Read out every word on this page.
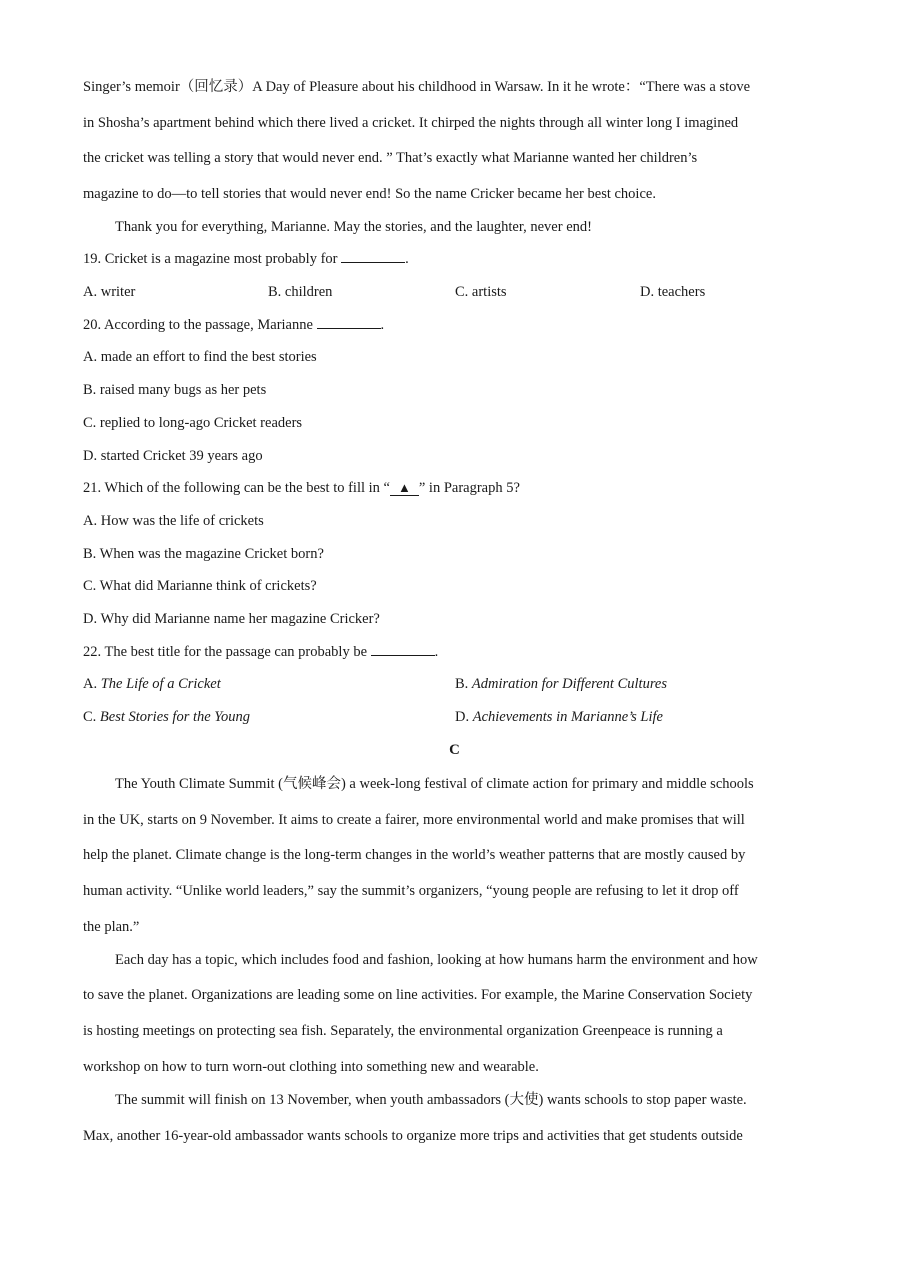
Singer’s memoir（回忆录）A Day of Pleasure about his childhood in Warsaw. In it he wrote：“There was a stove
in Shosha’s apartment behind which there lived a cricket. It chirped the nights through all winter long I imagined
the cricket was telling a story that would never end. ” That’s exactly what Marianne wanted her children’s
magazine to do—to tell stories that would never end! So the name Cricker became her best choice.
Thank you for everything, Marianne. May the stories, and the laughter, never end!
19. Cricket is a magazine most probably for	.
A. writer	B. children	C. artists	D. teachers
20. According to the passage, Marianne	.
A. made an effort to find the best stories
B. raised many bugs as her pets
C. replied to long-ago Cricket readers
D. started Cricket 39 years ago
21. Which of the following can be the best to fill in “ ▲ ” in Paragraph 5?
A. How was the life of crickets
B. When was the magazine Cricket born?
C. What did Marianne think of crickets?
D. Why did Marianne name her magazine Cricker?
22. The best title for the passage can probably be	.
A. The Life of a Cricket	B. Admiration for Different Cultures
C. Best Stories for the Young	D. Achievements in Marianne’s Life
C
The Youth Climate Summit (气候峰会) a week-long festival of climate action for primary and middle schools
in the UK, starts on 9 November. It aims to create a fairer, more environmental world and make promises that will
help the planet. Climate change is the long-term changes in the world’s weather patterns that are mostly caused by
human activity. “Unlike world leaders,” say the summit’s organizers, “young people are refusing to let it drop off
the plan.”
Each day has a topic, which includes food and fashion, looking at how humans harm the environment and how
to save the planet. Organizations are leading some on line activities. For example, the Marine Conservation Society
is hosting meetings on protecting sea fish. Separately, the environmental organization Greenpeace is running a
workshop on how to turn worn-out clothing into something new and wearable.
The summit will finish on 13 November, when youth ambassadors (大使) wants schools to stop paper waste.
Max, another 16-year-old ambassador wants schools to organize more trips and activities that get students outside
